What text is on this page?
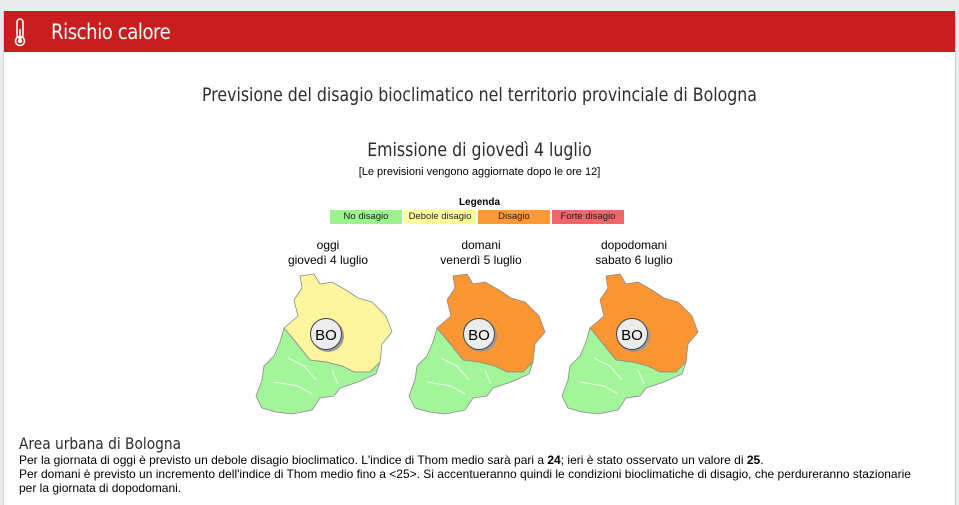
Rischio calore
Previsione del disagio bioclimatico nel territorio provinciale di Bologna
Emissione di giovedì 4 luglio
[Le previsioni vengono aggiornate dopo le ore 12]
Legenda
No disagio	Debole disagio	Disagio	Forte disagio
oggi
giovedì 4 luglio
BO
domani
venerdì 5 luglio
BO
dopodomani
sabato 6 luglio
BO
Area urbana di Bologna
Per la giornata di oggi è previsto un debole disagio bioclimatico. L'indice di Thom medio sarà pari a 24; ieri è stato osservato un valore di 25.
Per domani è previsto un incremento dell'indice di Thom medio fino a <25>. Si accentueranno quindi le condizioni bioclimatiche di disagio, che perdureranno stazionarie
per la giornata di dopodomani.
